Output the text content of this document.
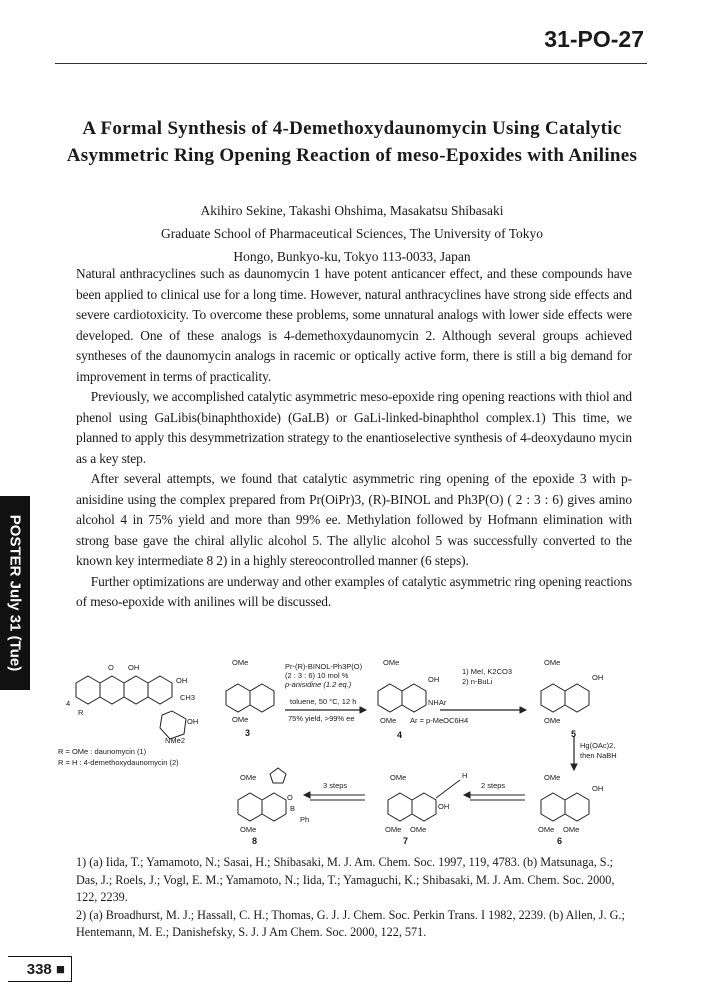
31-PO-27
A Formal Synthesis of 4-Demethoxydaunomycin Using Catalytic
Asymmetric Ring Opening Reaction of meso-Epoxides with Anilines
Akihiro Sekine, Takashi Ohshima, Masakatsu Shibasaki
Graduate School of Pharmaceutical Sciences, The University of Tokyo
Hongo, Bunkyo-ku, Tokyo 113-0033, Japan

Natural anthracyclines such as daunomycin 1 have potent anticancer effect, and these compounds have been applied to clinical use for a long time. However, natural anthracyclines have strong side effects and severe cardiotoxicity. To overcome these problems, some unnatural analogs with lower side effects were developed. One of these analogs is 4-demethoxydaunomycin 2. Although several groups achieved syntheses of the daunomycin analogs in racemic or optically active form, there is still a big demand for improvement in terms of practicality.

Previously, we accomplished catalytic asymmetric meso-epoxide ring opening reactions with thiol and phenol using GaLibis(binaphthoxide) (GaLB) or GaLi-linked-binaphthol complex.1) This time, we planned to apply this desymmetrization strategy to the enantioselective synthesis of 4-deoxydauno mycin as a key step.

After several attempts, we found that catalytic asymmetric ring opening of the epoxide 3 with p-anisidine using the complex prepared from Pr(OiPr)3, (R)-BINOL and Ph3P(O) ( 2 : 3 : 6) gives amino alcohol 4 in 75% yield and more than 99% ee. Methylation followed by Hofmann elimination with strong base gave the chiral allylic alcohol 5. The allylic alcohol 5 was successfully converted to the known key intermediate 8 2) in a highly stereocontrolled manner (6 steps).

Further optimizations are underway and other examples of catalytic asymmetric ring opening reactions of meso-epoxide with anilines will be discussed.

POSTER July 31 (Tue)
R = OMe : daunomycin (1)
R = H : 4-demethoxydaunomycin (2)
O OH
OH
CH3
4
R
OH
NMe2
OMe
OMe
3
Pr-(R)-BINOL-Ph3P(O)
(2 : 3 : 6) 10 mol %
p-anisidine (1.2 eq.)
toluene, 50 °C, 12 h
75% yield, >99% ee
OMe
OH
NHAr
OMe Ar = p-MeOC6H4
4
1) MeI, K2CO3
2) n-BuLi
OMe
OH
OMe
5
Hg(OAc)2,
then NaBH
OMe
OH
OMe OMe
6
2 steps
OMe	H
OH
OMe OMe
7
3 steps
OMe
O
B
Ph
OMe
8

1) (a) Iida, T.; Yamamoto, N.; Sasai, H.; Shibasaki, M. J. Am. Chem. Soc. 1997, 119, 4783. (b) Matsunaga, S.; Das, J.; Roels, J.; Vogl, E. M.; Yamamoto, N.; Iida, T.; Yamaguchi, K.; Shibasaki, M. J. Am. Chem. Soc. 2000, 122, 2239.

2) (a) Broadhurst, M. J.; Hassall, C. H.; Thomas, G. J. J. Chem. Soc. Perkin Trans. I 1982, 2239. (b) Allen, J. G.; Hentemann, M. E.; Danishefsky, S. J. J Am Chem. Soc. 2000, 122, 571.

338 ■
